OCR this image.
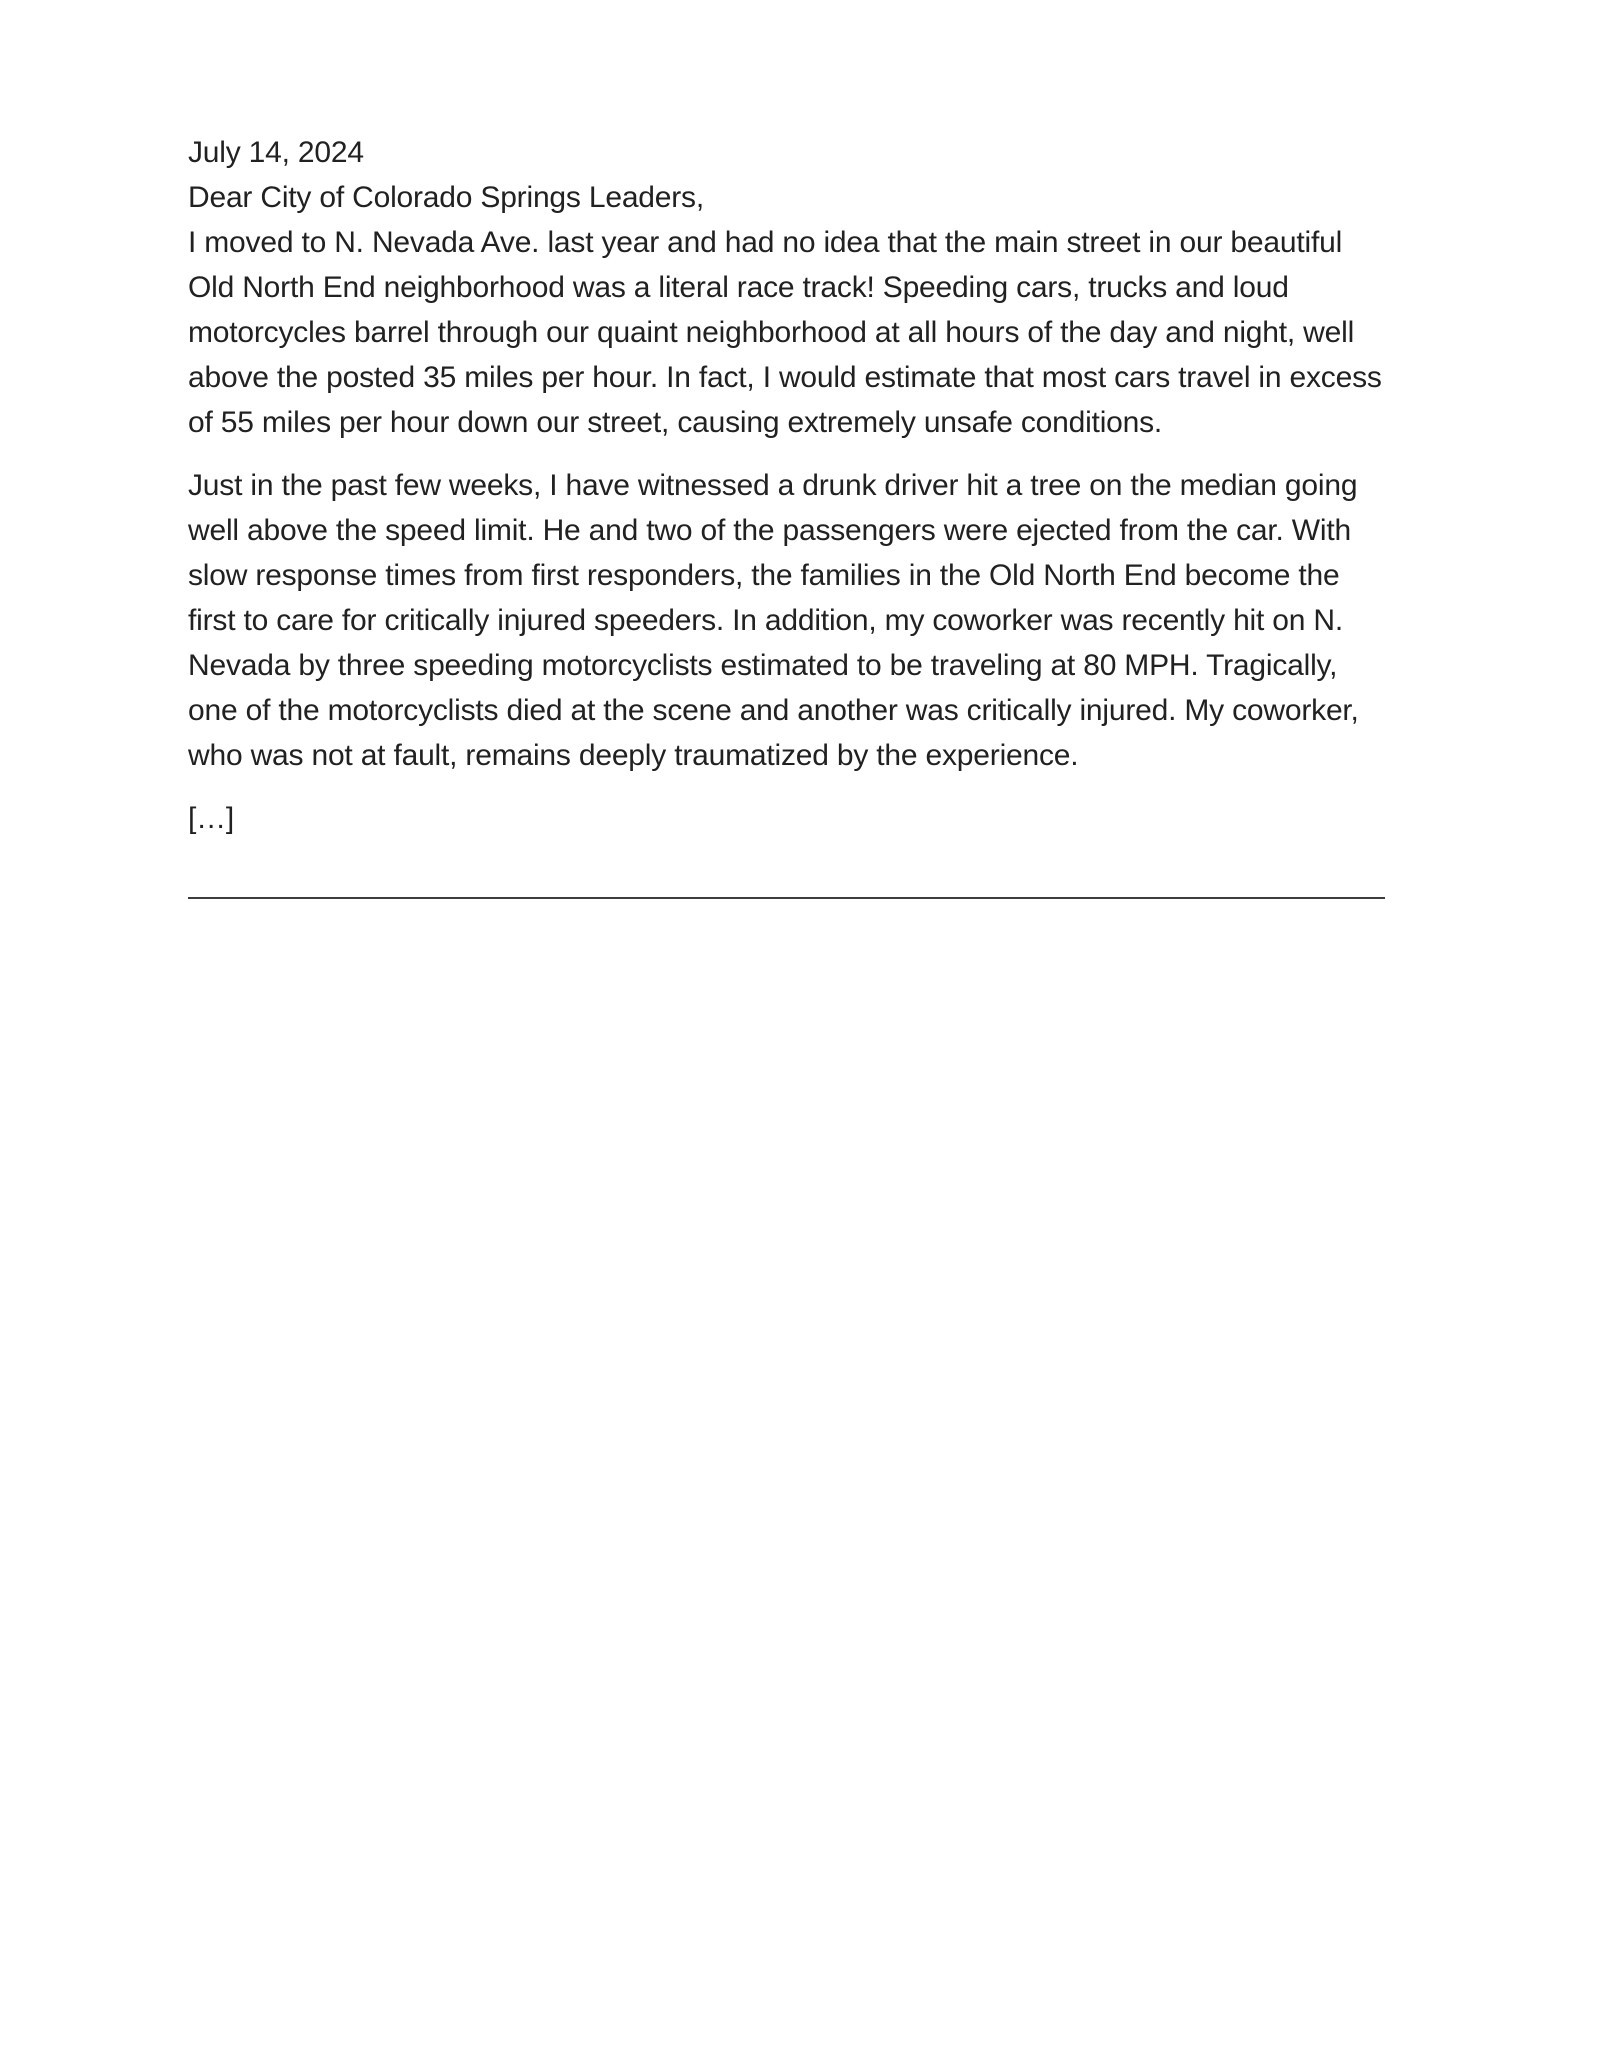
July 14, 2024

Dear City of Colorado Springs Leaders,

I moved to N. Nevada Ave. last year and had no idea that the main street in our beautiful

Old North End neighborhood was a literal race track! Speeding cars, trucks and loud

motorcycles barrel through our quaint neighborhood at all hours of the day and night, well

above the posted 35 miles per hour. In fact, I would estimate that most cars travel in excess

of 55 miles per hour down our street, causing extremely unsafe conditions.

Just in the past few weeks, I have witnessed a drunk driver hit a tree on the median going

well above the speed limit. He and two of the passengers were ejected from the car. With

slow response times from first responders, the families in the Old North End become the

first to care for critically injured speeders. In addition, my coworker was recently hit on N.

Nevada by three speeding motorcyclists estimated to be traveling at 80 MPH. Tragically,

one of the motorcyclists died at the scene and another was critically injured. My coworker,

who was not at fault, remains deeply traumatized by the experience.

[…]
